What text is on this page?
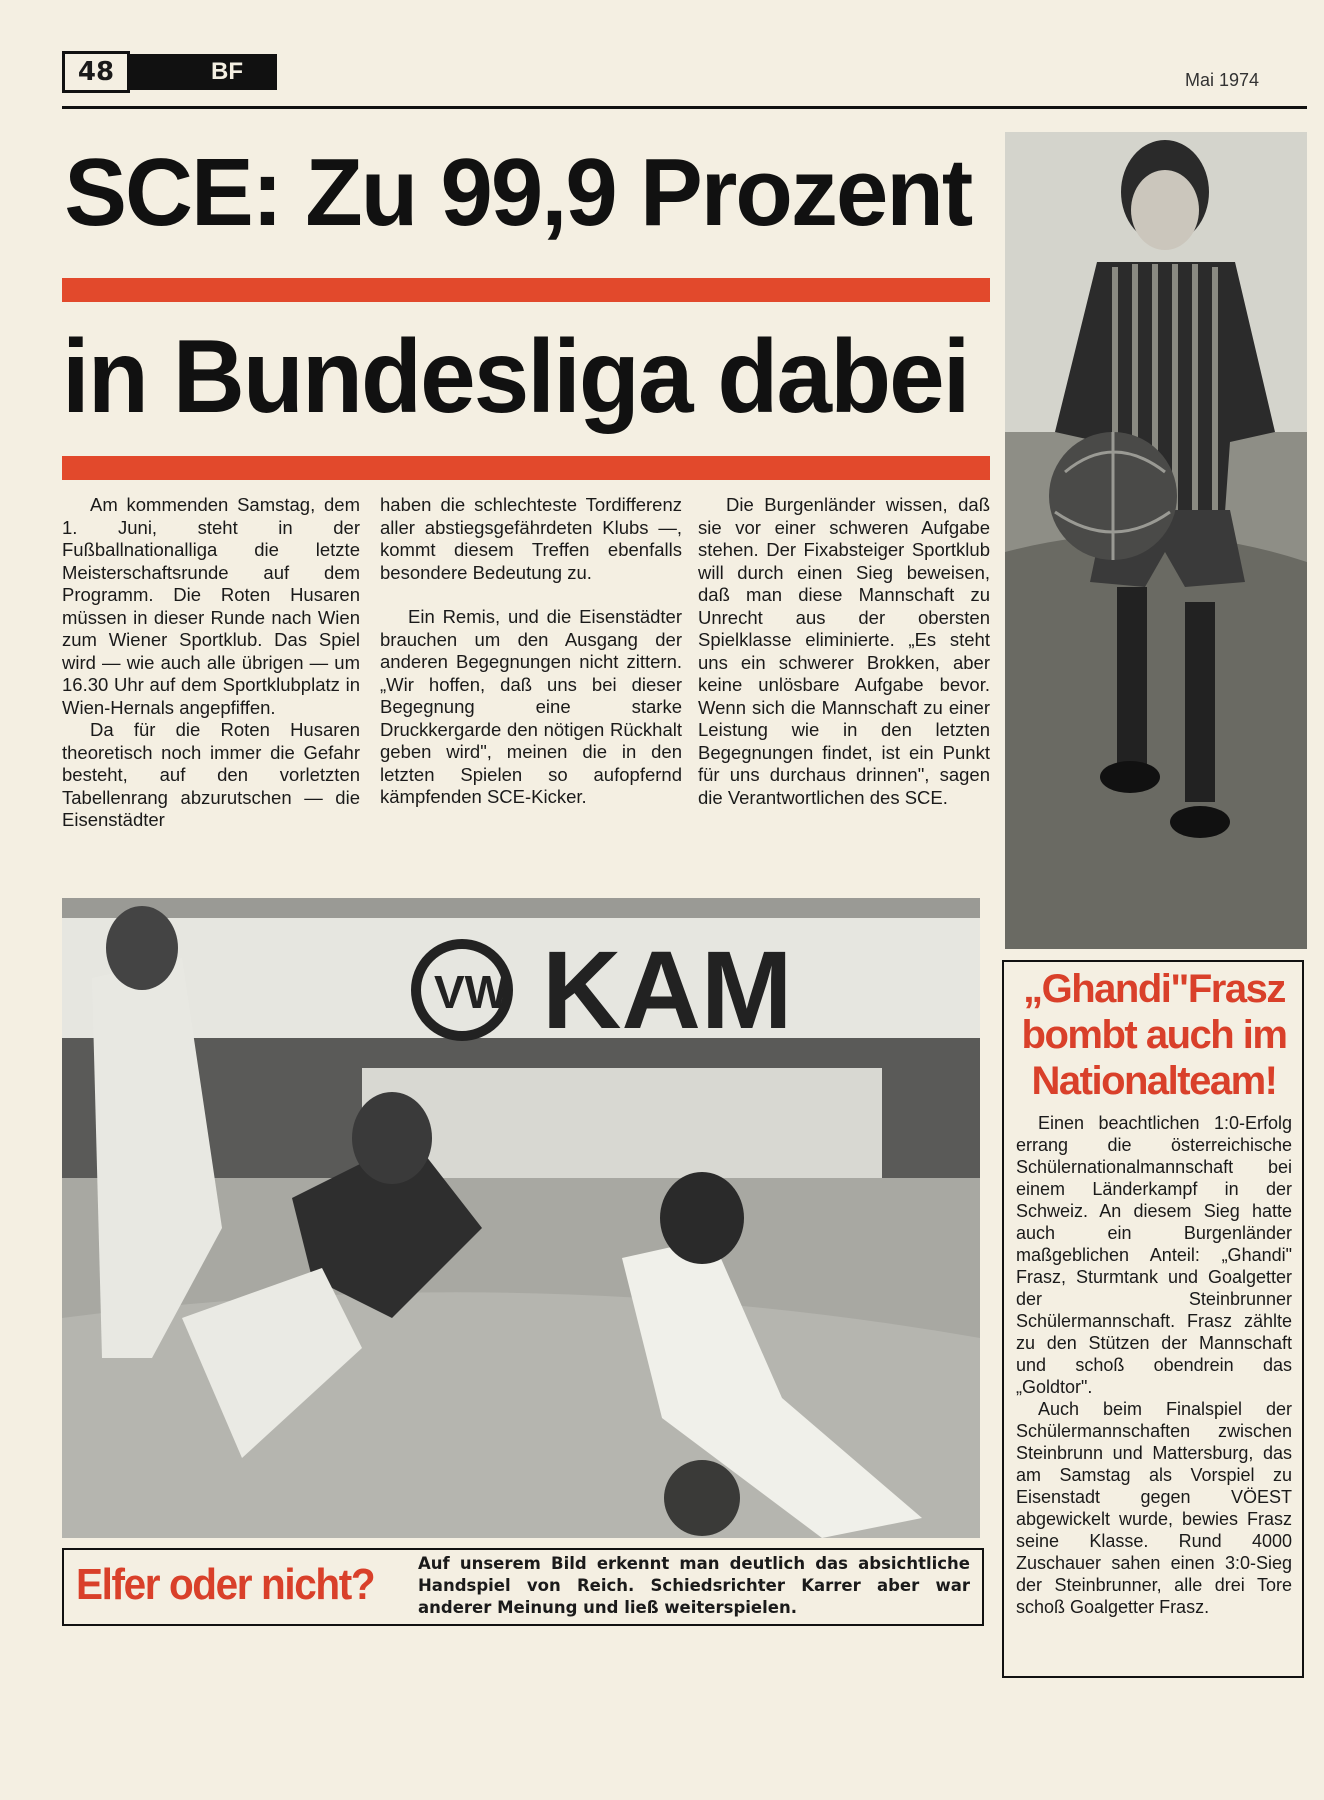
48	BF	Mai 1974
SCE: Zu 99,9 Prozent
in Bundesliga dabei

Am kommenden Samstag, dem 1. Juni, steht in der Fußballnationalliga die letzte Meisterschaftsrunde auf dem Programm. Die Roten Husaren müssen in dieser Runde nach Wien zum Wiener Sportklub. Das Spiel wird — wie auch alle übrigen — um 16.30 Uhr auf dem Sportklubplatz in Wien-Hernals angepfiffen.

Da für die Roten Husaren theoretisch noch immer die Gefahr besteht, auf den vorletzten Tabellenrang abzurutschen — die Eisenstädter

haben die schlechteste Tordifferenz aller abstiegsgefährdeten Klubs —, kommt diesem Treffen ebenfalls besondere Bedeutung zu.

Ein Remis, und die Eisenstädter brauchen um den Ausgang der anderen Begegnungen nicht zittern. „Wir hoffen, daß uns bei dieser Begegnung eine starke Druckkergarde den nötigen Rückhalt geben wird", meinen die in den letzten Spielen so aufopfernd kämpfenden SCE-Kicker.

Die Burgenländer wissen, daß sie vor einer schweren Aufgabe stehen. Der Fixabsteiger Sportklub will durch einen Sieg beweisen, daß man diese Mannschaft zu Unrecht aus der obersten Spielklasse eliminierte. „Es steht uns ein schwerer Brokken, aber keine unlösbare Aufgabe bevor. Wenn sich die Mannschaft zu einer Leistung wie in den letzten Begegnungen findet, ist ein Punkt für uns durchaus drinnen", sagen die Verantwortlichen des SCE.

KAM
VW
Elfer oder nicht?	Auf unserem Bild erkennt man deutlich das absichtliche Handspiel von Reich. Schiedsrichter Karrer aber war anderer Meinung und ließ weiterspielen.
„Ghandi"Frasz
bombt auch im
Nationalteam!

Einen beachtlichen 1:0-Erfolg errang die österreichische Schülernationalmannschaft bei einem Länderkampf in der Schweiz. An diesem Sieg hatte auch ein Burgenländer maßgeblichen Anteil: „Ghandi" Frasz, Sturmtank und Goalgetter der Steinbrunner Schülermannschaft. Frasz zählte zu den Stützen der Mannschaft und schoß obendrein das „Goldtor".

Auch beim Finalspiel der Schülermannschaften zwischen Steinbrunn und Mattersburg, das am Samstag als Vorspiel zu Eisenstadt gegen VÖEST abgewickelt wurde, bewies Frasz seine Klasse. Rund 4000 Zuschauer sahen einen 3:0-Sieg der Steinbrunner, alle drei Tore schoß Goalgetter Frasz.
